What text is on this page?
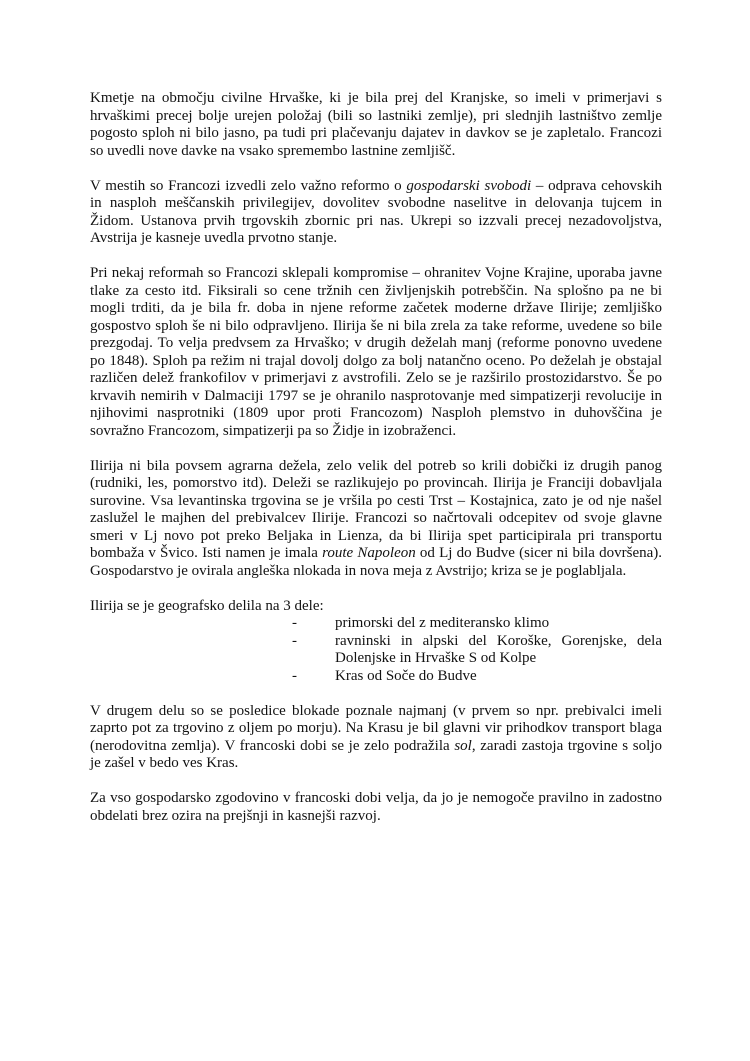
Kmetje na območju civilne Hrvaške, ki je bila prej del Kranjske, so imeli v primerjavi s hrvaškimi precej bolje urejen položaj (bili so lastniki zemlje), pri slednjih lastništvo zemlje pogosto sploh ni bilo jasno, pa tudi pri plačevanju dajatev in davkov se je zapletalo. Francozi so uvedli nove davke na vsako spremembo lastnine zemljišč.

V mestih so Francozi izvedli zelo važno reformo o gospodarski svobodi – odprava cehovskih in nasploh meščanskih privilegijev, dovolitev svobodne naselitve in delovanja tujcem in Židom. Ustanova prvih trgovskih zbornic pri nas. Ukrepi so izzvali precej nezadovoljstva, Avstrija je kasneje uvedla prvotno stanje.

Pri nekaj reformah so Francozi sklepali kompromise – ohranitev Vojne Krajine, uporaba javne tlake za cesto itd. Fiksirali so cene tržnih cen življenjskih potrebščin. Na splošno pa ne bi mogli trditi, da je bila fr. doba in njene reforme začetek moderne države Ilirije; zemljiško gospostvo sploh še ni bilo odpravljeno. Ilirija še ni bila zrela za take reforme, uvedene so bile prezgodaj. To velja predvsem za Hrvaško; v drugih deželah manj (reforme ponovno uvedene po 1848). Sploh pa režim ni trajal dovolj dolgo za bolj natančno oceno. Po deželah je obstajal različen delež frankofilov v primerjavi z avstrofili. Zelo se je razširilo prostozidarstvo. Še po krvavih nemirih v Dalmaciji 1797 se je ohranilo nasprotovanje med simpatizerji revolucije in njihovimi nasprotniki (1809 upor proti Francozom) Nasploh plemstvo in duhovščina je sovražno Francozom, simpatizerji pa so Židje in izobraženci.

Ilirija ni bila povsem agrarna dežela, zelo velik del potreb so krili dobički iz drugih panog (rudniki, les, pomorstvo itd). Deleži se razlikujejo po provincah. Ilirija je Franciji dobavljala surovine. Vsa levantinska trgovina se je vršila po cesti Trst – Kostajnica, zato je od nje našel zaslužel le majhen del prebivalcev Ilirije. Francozi so načrtovali odcepitev od svoje glavne smeri v Lj novo pot preko Beljaka in Lienza, da bi Ilirija spet participirala pri transportu bombaža v Švico. Isti namen je imala route Napoleon od Lj do Budve (sicer ni bila dovršena). Gospodarstvo je ovirala angleška nlokada in nova meja z Avstrijo; kriza se je poglabljala.

Ilirija se je geografsko delila na 3 dele:

-	primorski del z mediteransko klimo
-	ravninski in alpski del Koroške, Gorenjske, dela Dolenjske in Hrvaške S od Kolpe
-	Kras od Soče do Budve

V drugem delu so se posledice blokade poznale najmanj (v prvem so npr. prebivalci imeli zaprto pot za trgovino z oljem po morju). Na Krasu je bil glavni vir prihodkov transport blaga (nerodovitna zemlja). V francoski dobi se je zelo podražila sol, zaradi zastoja trgovine s soljo je zašel v bedo ves Kras.

Za vso gospodarsko zgodovino v francoski dobi velja, da jo je nemogoče pravilno in zadostno obdelati brez ozira na prejšnji in kasnejši razvoj.
